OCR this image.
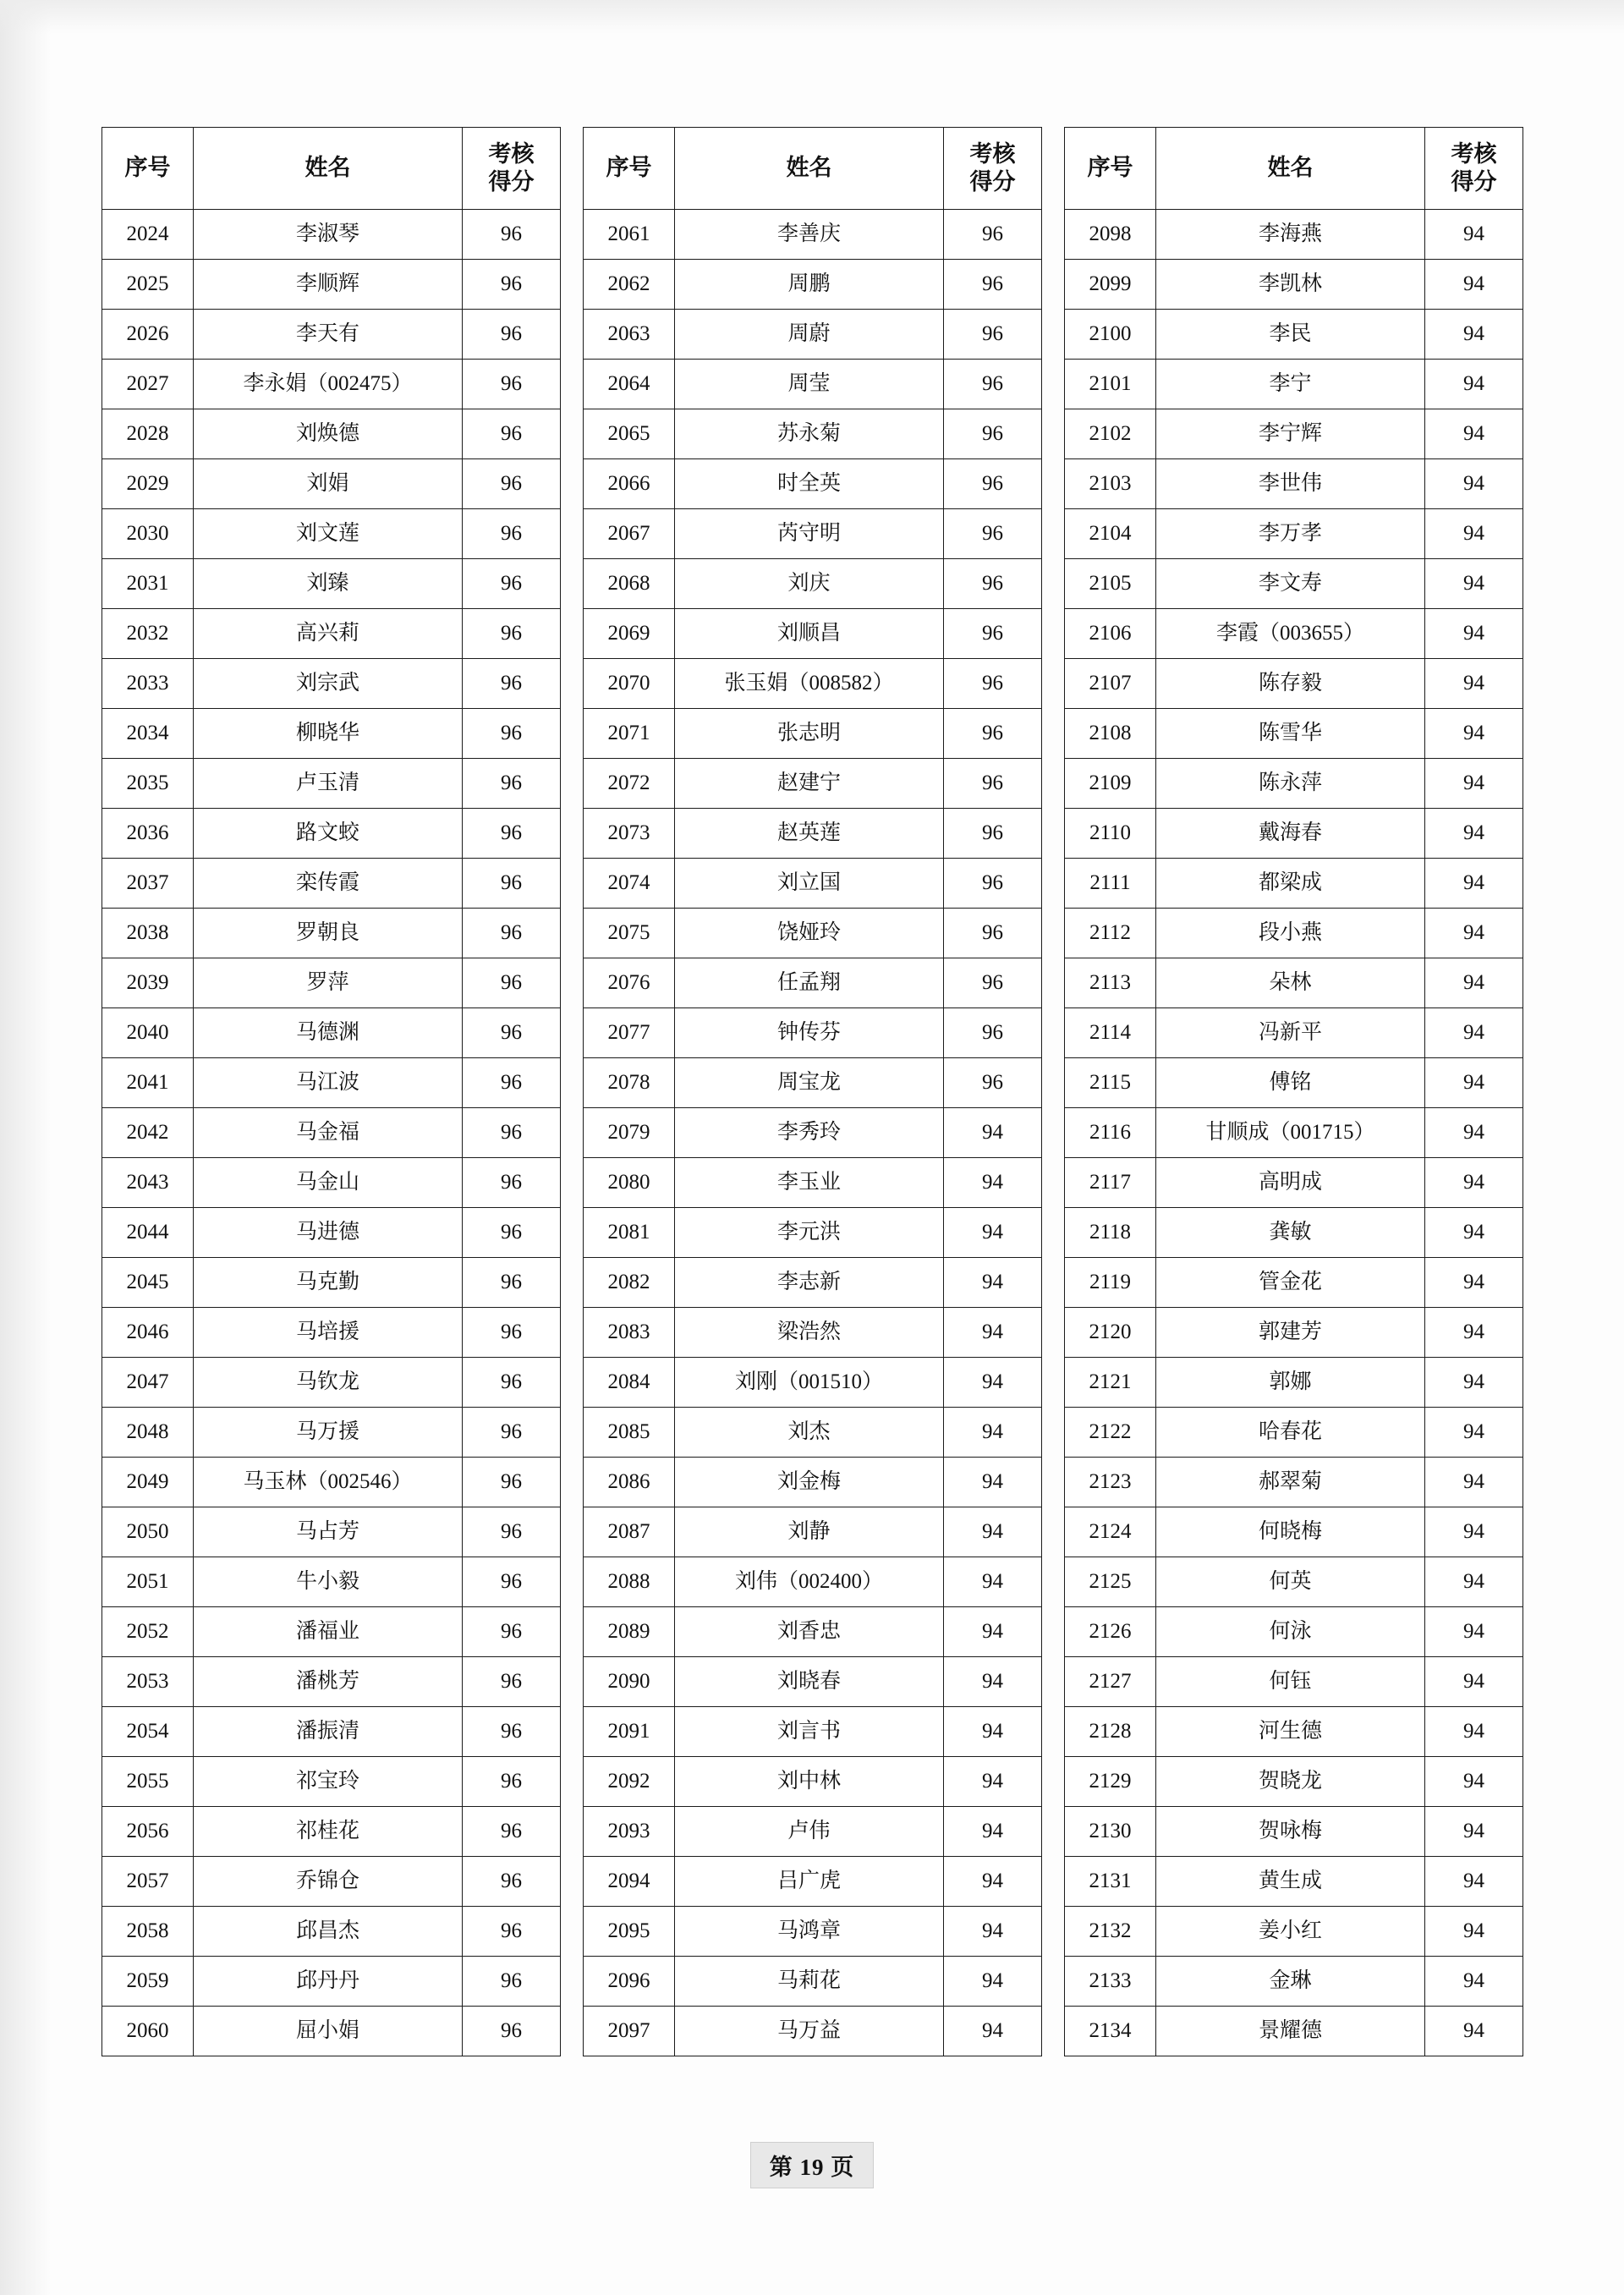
序号	姓名	考核
得分

2024	李淑琴	96
2025	李顺辉	96
2026	李天有	96
2027	李永娟（002475）	96
2028	刘焕德	96
2029	刘娟	96
2030	刘文莲	96
2031	刘臻	96
2032	高兴莉	96
2033	刘宗武	96
2034	柳晓华	96
2035	卢玉清	96
2036	路文蛟	96
2037	栾传霞	96
2038	罗朝良	96
2039	罗萍	96
2040	马德渊	96
2041	马江波	96
2042	马金福	96
2043	马金山	96
2044	马进德	96
2045	马克勤	96
2046	马培援	96
2047	马钦龙	96
2048	马万援	96
2049	马玉林（002546）	96
2050	马占芳	96
2051	牛小毅	96
2052	潘福业	96
2053	潘桃芳	96
2054	潘振清	96
2055	祁宝玲	96
2056	祁桂花	96
2057	乔锦仓	96
2058	邱昌杰	96
2059	邱丹丹	96
2060	屈小娟	96
序号	姓名	考核
得分

2061	李善庆	96
2062	周鹏	96
2063	周蔚	96
2064	周莹	96
2065	苏永菊	96
2066	时全英	96
2067	芮守明	96
2068	刘庆	96
2069	刘顺昌	96
2070	张玉娟（008582）	96
2071	张志明	96
2072	赵建宁	96
2073	赵英莲	96
2074	刘立国	96
2075	饶娅玲	96
2076	任孟翔	96
2077	钟传芬	96
2078	周宝龙	96
2079	李秀玲	94
2080	李玉业	94
2081	李元洪	94
2082	李志新	94
2083	梁浩然	94
2084	刘刚（001510）	94
2085	刘杰	94
2086	刘金梅	94
2087	刘静	94
2088	刘伟（002400）	94
2089	刘香忠	94
2090	刘晓春	94
2091	刘言书	94
2092	刘中林	94
2093	卢伟	94
2094	吕广虎	94
2095	马鸿章	94
2096	马莉花	94
2097	马万益	94
序号	姓名	考核
得分

2098	李海燕	94
2099	李凯林	94
2100	李民	94
2101	李宁	94
2102	李宁辉	94
2103	李世伟	94
2104	李万孝	94
2105	李文寿	94
2106	李霞（003655）	94
2107	陈存毅	94
2108	陈雪华	94
2109	陈永萍	94
2110	戴海春	94
2111	都梁成	94
2112	段小燕	94
2113	朵林	94
2114	冯新平	94
2115	傅铭	94
2116	甘顺成（001715）	94
2117	高明成	94
2118	龚敏	94
2119	管金花	94
2120	郭建芳	94
2121	郭娜	94
2122	哈春花	94
2123	郝翠菊	94
2124	何晓梅	94
2125	何英	94
2126	何泳	94
2127	何钰	94
2128	河生德	94
2129	贺晓龙	94
2130	贺咏梅	94
2131	黄生成	94
2132	姜小红	94
2133	金琳	94
2134	景耀德	94
第 19 页
